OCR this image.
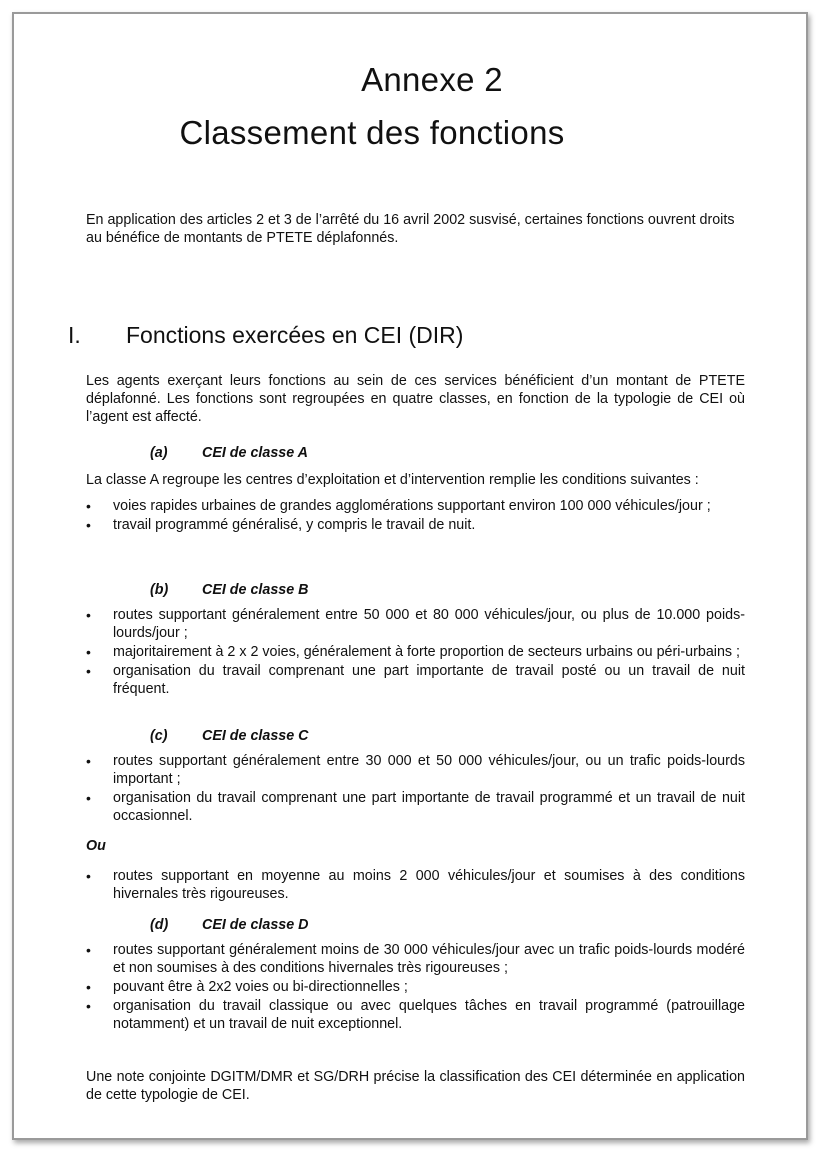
Annexe 2
Classement des fonctions

En application des articles 2 et 3 de l’arrêté du 16 avril 2002 susvisé, certaines fonctions ouvrent droits au bénéfice de montants de PTETE déplafonnés.

I. Fonctions exercées en CEI (DIR)

Les agents exerçant leurs fonctions au sein de ces services bénéficient d’un montant de PTETE déplafonné. Les fonctions sont regroupées en quatre classes, en fonction de la typologie de CEI où l’agent est affecté.

(a) CEI de classe A

La classe A regroupe les centres d’exploitation et d’intervention remplie les conditions suivantes :

• voies rapides urbaines de grandes agglomérations supportant environ 100 000 véhicules/jour ;
• travail programmé généralisé, y compris le travail de nuit.

(b) CEI de classe B

• routes supportant généralement entre 50 000 et 80 000 véhicules/jour, ou plus de 10.000 poids-lourds/jour ;
• majoritairement à 2 x 2 voies, généralement à forte proportion de secteurs urbains ou péri-urbains ;
• organisation du travail comprenant une part importante de travail posté ou un travail de nuit fréquent.

(c) CEI de classe C

• routes supportant généralement entre 30 000 et 50 000 véhicules/jour, ou un trafic poids-lourds important ;
• organisation du travail comprenant une part importante de travail programmé et un travail de nuit occasionnel.

Ou

• routes supportant en moyenne au moins 2 000 véhicules/jour et soumises à des conditions hivernales très rigoureuses.

(d) CEI de classe D

• routes supportant généralement moins de 30 000 véhicules/jour avec un trafic poids-lourds modéré et non soumises à des conditions hivernales très rigoureuses ;
• pouvant être à 2x2 voies ou bi-directionnelles ;
• organisation du travail classique ou avec quelques tâches en travail programmé (patrouillage notamment) et un travail de nuit exceptionnel.

Une note conjointe DGITM/DMR et SG/DRH précise la classification des CEI déterminée en application de cette typologie de CEI.
